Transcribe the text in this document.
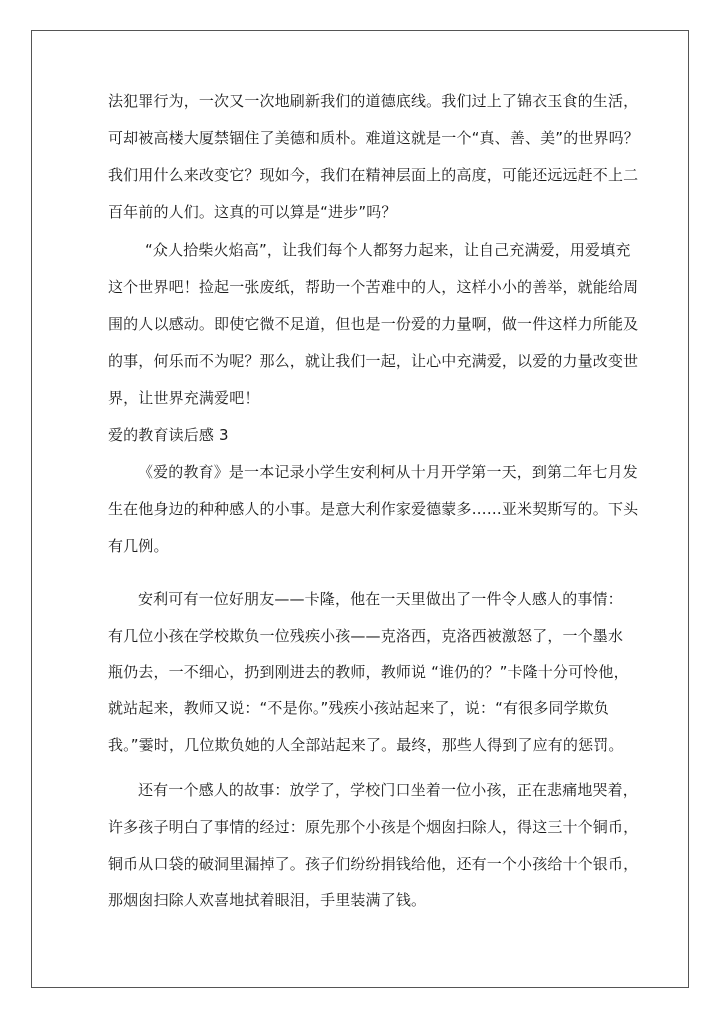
法犯罪行为，一次又一次地刷新我们的道德底线。我们过上了锦衣玉食的生活，
可却被高楼大厦禁锢住了美德和质朴。难道这就是一个“真、善、美”的世界吗？
我们用什么来改变它？现如今，我们在精神层面上的高度，可能还远远赶不上二
百年前的人们。这真的可以算是“进步”吗？
“众人拾柴火焰高”，让我们每个人都努力起来，让自己充满爱，用爱填充
这个世界吧！捡起一张废纸，帮助一个苦难中的人，这样小小的善举，就能给周
围的人以感动。即使它微不足道，但也是一份爱的力量啊，做一件这样力所能及
的事，何乐而不为呢？那么，就让我们一起，让心中充满爱，以爱的力量改变世
界，让世界充满爱吧！
爱的教育读后感 3
《爱的教育》是一本记录小学生安利柯从十月开学第一天，到第二年七月发
生在他身边的种种感人的小事。是意大利作家爱德蒙多……亚米契斯写的。下头
有几例。
安利可有一位好朋友——卡隆，他在一天里做出了一件令人感人的事情：
有几位小孩在学校欺负一位残疾小孩——克洛西，克洛西被激怒了，一个墨水
瓶仍去，一不细心，扔到刚进去的教师，教师说 “谁仍的？”卡隆十分可怜他，
就站起来，教师又说：“不是你。”残疾小孩站起来了，说：“有很多同学欺负
我。”霎时，几位欺负她的人全部站起来了。最终，那些人得到了应有的惩罚。
还有一个感人的故事：放学了，学校门口坐着一位小孩，正在悲痛地哭着，
许多孩子明白了事情的经过：原先那个小孩是个烟囱扫除人，得这三十个铜币，
铜币从口袋的破洞里漏掉了。孩子们纷纷捐钱给他，还有一个小孩给十个银币，
那烟囱扫除人欢喜地拭着眼泪，手里装满了钱。
